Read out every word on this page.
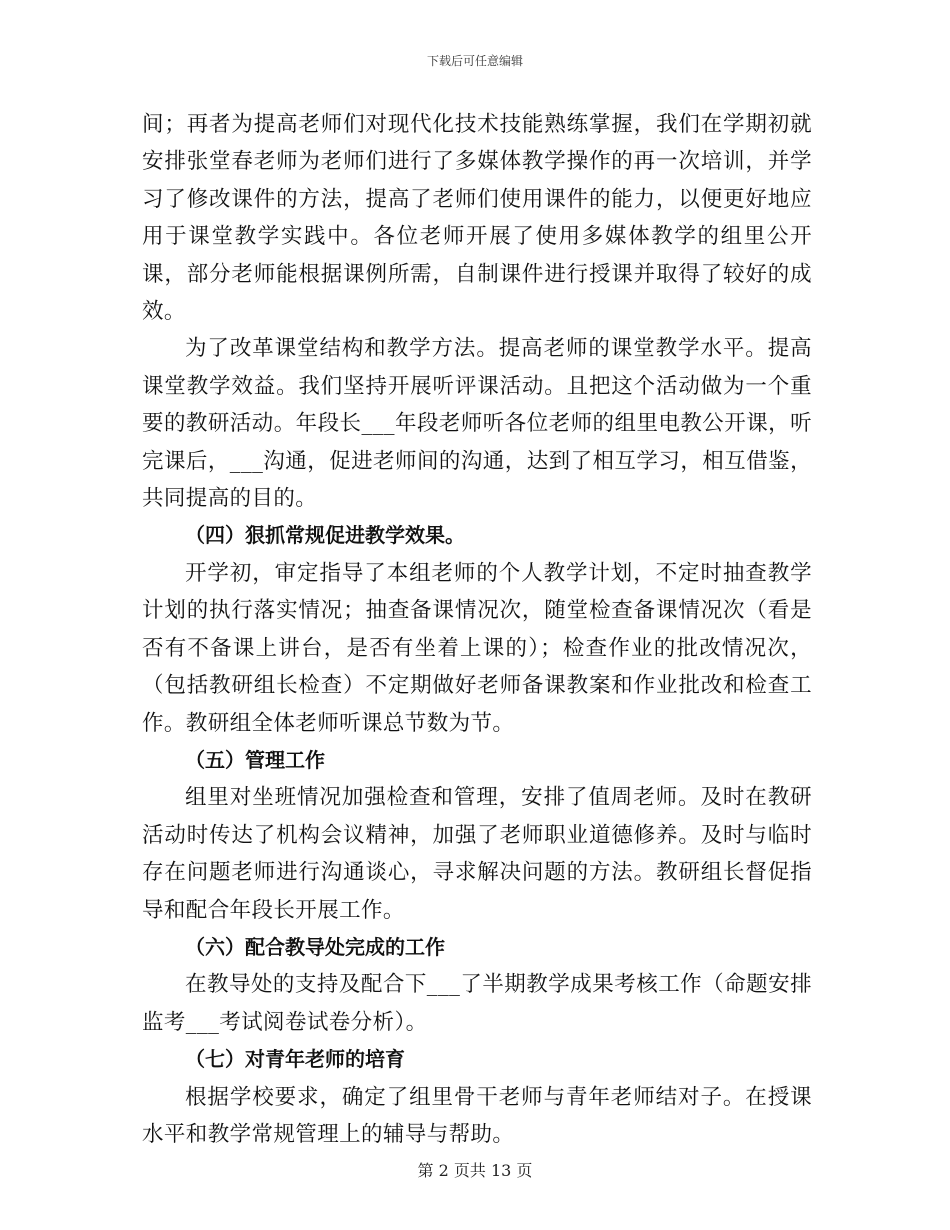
下载后可任意编辑

间；再者为提高老师们对现代化技术技能熟练掌握，我们在学期初就安排张堂春老师为老师们进行了多媒体教学操作的再一次培训，并学习了修改课件的方法，提高了老师们使用课件的能力，以便更好地应用于课堂教学实践中。各位老师开展了使用多媒体教学的组里公开课，部分老师能根据课例所需，自制课件进行授课并取得了较好的成效。

为了改革课堂结构和教学方法。提高老师的课堂教学水平。提高课堂教学效益。我们坚持开展听评课活动。且把这个活动做为一个重要的教研活动。年段长___年段老师听各位老师的组里电教公开课，听完课后，___沟通，促进老师间的沟通，达到了相互学习，相互借鉴，共同提高的目的。

（四）狠抓常规促进教学效果。

开学初，审定指导了本组老师的个人教学计划，不定时抽查教学计划的执行落实情况；抽查备课情况次，随堂检查备课情况次（看是否有不备课上讲台，是否有坐着上课的）；检查作业的批改情况次，（包括教研组长检查）不定期做好老师备课教案和作业批改和检查工作。教研组全体老师听课总节数为节。

（五）管理工作

组里对坐班情况加强检查和管理，安排了值周老师。及时在教研活动时传达了机构会议精神，加强了老师职业道德修养。及时与临时存在问题老师进行沟通谈心，寻求解决问题的方法。教研组长督促指导和配合年段长开展工作。

（六）配合教导处完成的工作

在教导处的支持及配合下___了半期教学成果考核工作（命题安排监考___考试阅卷试卷分析）。

（七）对青年老师的培育

根据学校要求，确定了组里骨干老师与青年老师结对子。在授课水平和教学常规管理上的辅导与帮助。

第 2 页共 13 页
